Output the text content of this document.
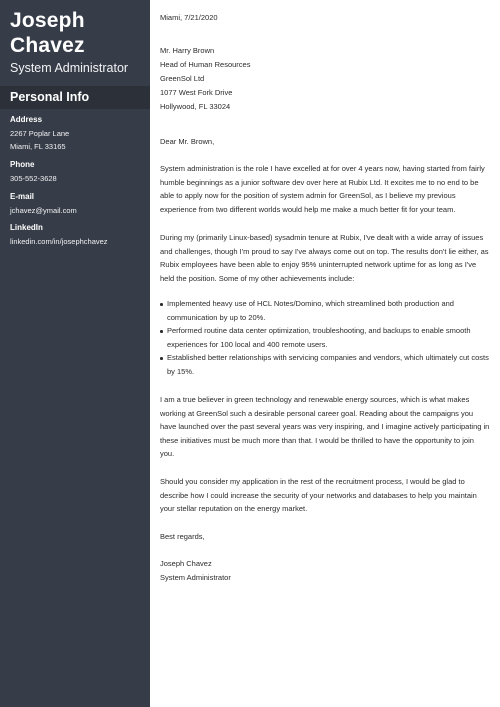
Joseph
Chavez
System Administrator
Personal Info
Address
2267 Poplar Lane
Miami, FL 33165
Phone
305-552-3628
E-mail
jchavez@ymail.com
LinkedIn
linkedin.com/in/josephchavez
Miami, 7/21/2020
Mr. Harry Brown
Head of Human Resources
GreenSol Ltd
1077 West Fork Drive
Hollywood, FL 33024
Dear Mr. Brown,
System administration is the role I have excelled at for over 4 years now, having started from fairly humble beginnings as a junior software dev over here at Rubix Ltd. It excites me to no end to be able to apply now for the position of system admin for GreenSol, as I believe my previous experience from two different worlds would help me make a much better fit for your team.
During my (primarily Linux-based) sysadmin tenure at Rubix, I've dealt with a wide array of issues and challenges, though I'm proud to say I've always come out on top. The results don't lie either, as Rubix employees have been able to enjoy 95% uninterrupted network uptime for as long as I've held the position. Some of my other achievements include:
Implemented heavy use of HCL Notes/Domino, which streamlined both production and communication by up to 20%.
Performed routine data center optimization, troubleshooting, and backups to enable smooth experiences for 100 local and 400 remote users.
Established better relationships with servicing companies and vendors, which ultimately cut costs by 15%.
I am a true believer in green technology and renewable energy sources, which is what makes working at GreenSol such a desirable personal career goal. Reading about the campaigns you have launched over the past several years was very inspiring, and I imagine actively participating in these initiatives must be much more than that. I would be thrilled to have the opportunity to join you.
Should you consider my application in the rest of the recruitment process, I would be glad to describe how I could increase the security of your networks and databases to help you maintain your stellar reputation on the energy market.
Best regards,
Joseph Chavez
System Administrator
